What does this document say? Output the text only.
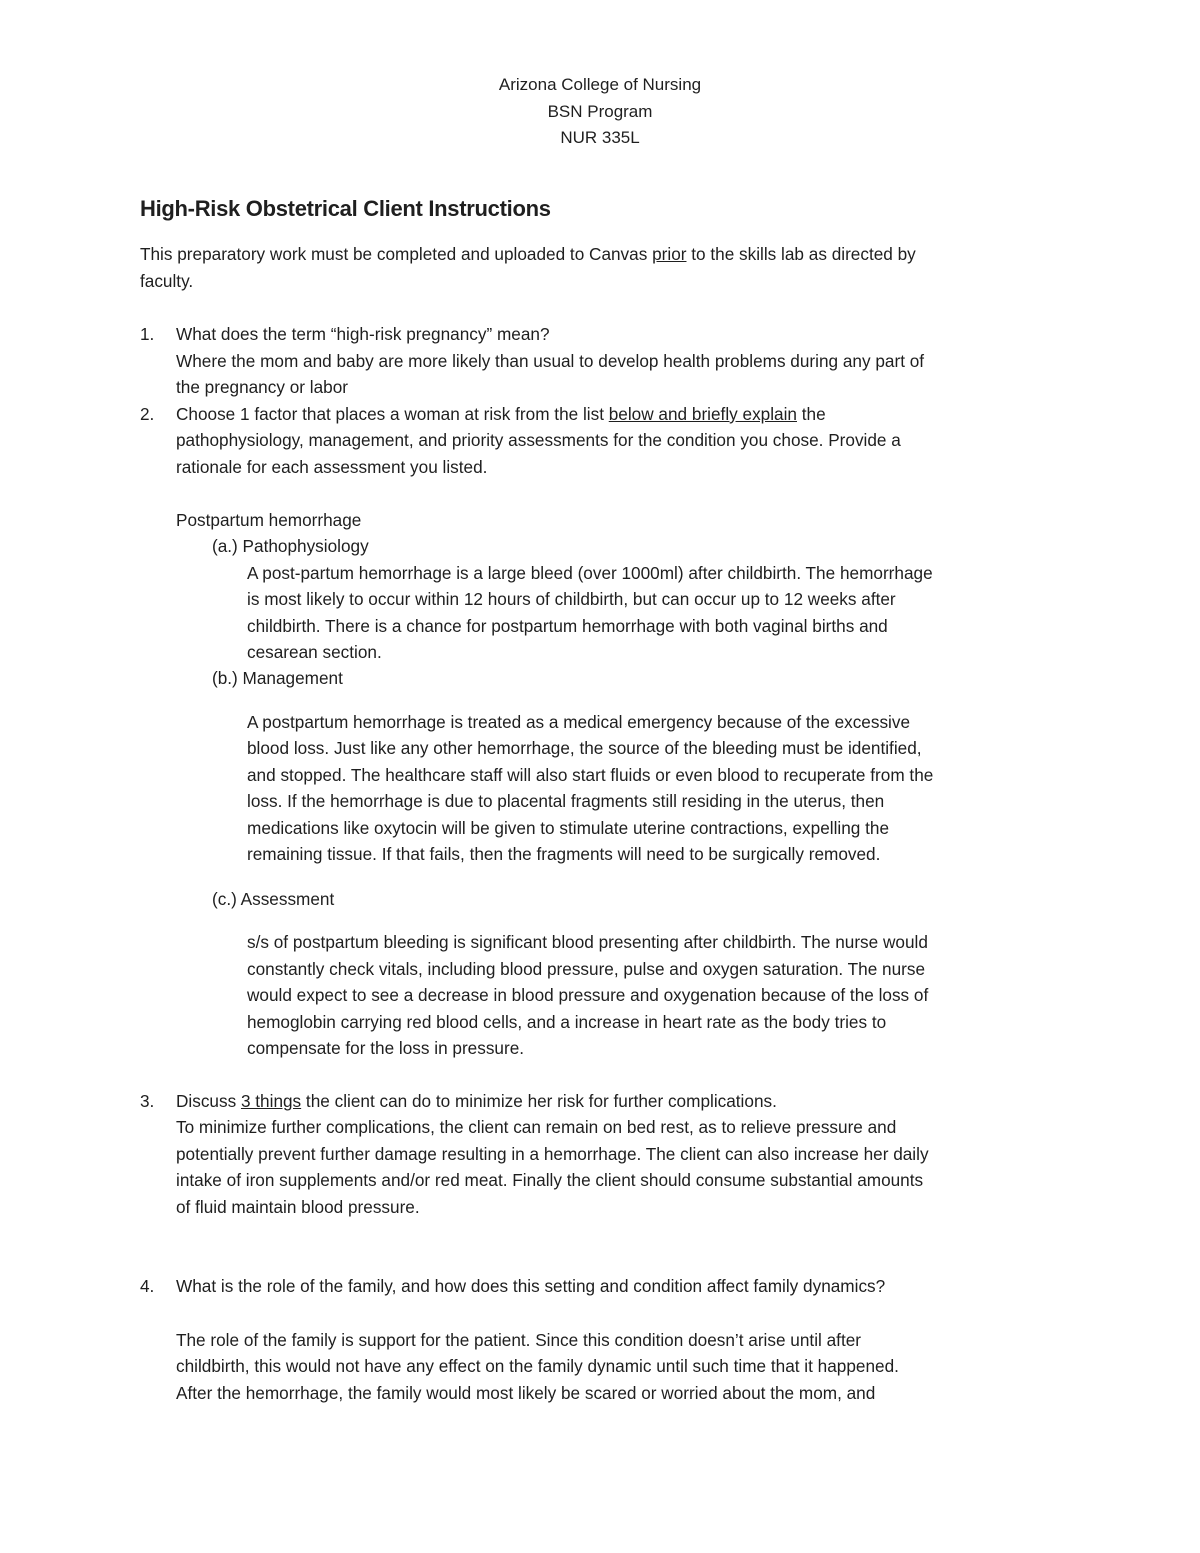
Arizona College of Nursing
BSN Program
NUR 335L
High-Risk Obstetrical Client Instructions
This preparatory work must be completed and uploaded to Canvas prior to the skills lab as directed by
faculty.
1. What does the term “high-risk pregnancy” mean?
Where the mom and baby are more likely than usual to develop health problems during any part of
the pregnancy or labor
2. Choose 1 factor that places a woman at risk from the list below and briefly explain the
pathophysiology, management, and priority assessments for the condition you chose. Provide a
rationale for each assessment you listed.
Postpartum hemorrhage
(a.) Pathophysiology
A post-partum hemorrhage is a large bleed (over 1000ml) after childbirth. The hemorrhage
is most likely to occur within 12 hours of childbirth, but can occur up to 12 weeks after
childbirth. There is a chance for postpartum hemorrhage with both vaginal births and
cesarean section.
(b.) Management
A postpartum hemorrhage is treated as a medical emergency because of the excessive
blood loss. Just like any other hemorrhage, the source of the bleeding must be identified,
and stopped. The healthcare staff will also start fluids or even blood to recuperate from the
loss. If the hemorrhage is due to placental fragments still residing in the uterus, then
medications like oxytocin will be given to stimulate uterine contractions, expelling the
remaining tissue. If that fails, then the fragments will need to be surgically removed.
(c.) Assessment
s/s of postpartum bleeding is significant blood presenting after childbirth. The nurse would
constantly check vitals, including blood pressure, pulse and oxygen saturation. The nurse
would expect to see a decrease in blood pressure and oxygenation because of the loss of
hemoglobin carrying red blood cells, and a increase in heart rate as the body tries to
compensate for the loss in pressure.
3. Discuss 3 things the client can do to minimize her risk for further complications.
To minimize further complications, the client can remain on bed rest, as to relieve pressure and
potentially prevent further damage resulting in a hemorrhage. The client can also increase her daily
intake of iron supplements and/or red meat. Finally the client should consume substantial amounts
of fluid maintain blood pressure.
4. What is the role of the family, and how does this setting and condition affect family dynamics?
The role of the family is support for the patient. Since this condition doesn’t arise until after
childbirth, this would not have any effect on the family dynamic until such time that it happened.
After the hemorrhage, the family would most likely be scared or worried about the mom, and
